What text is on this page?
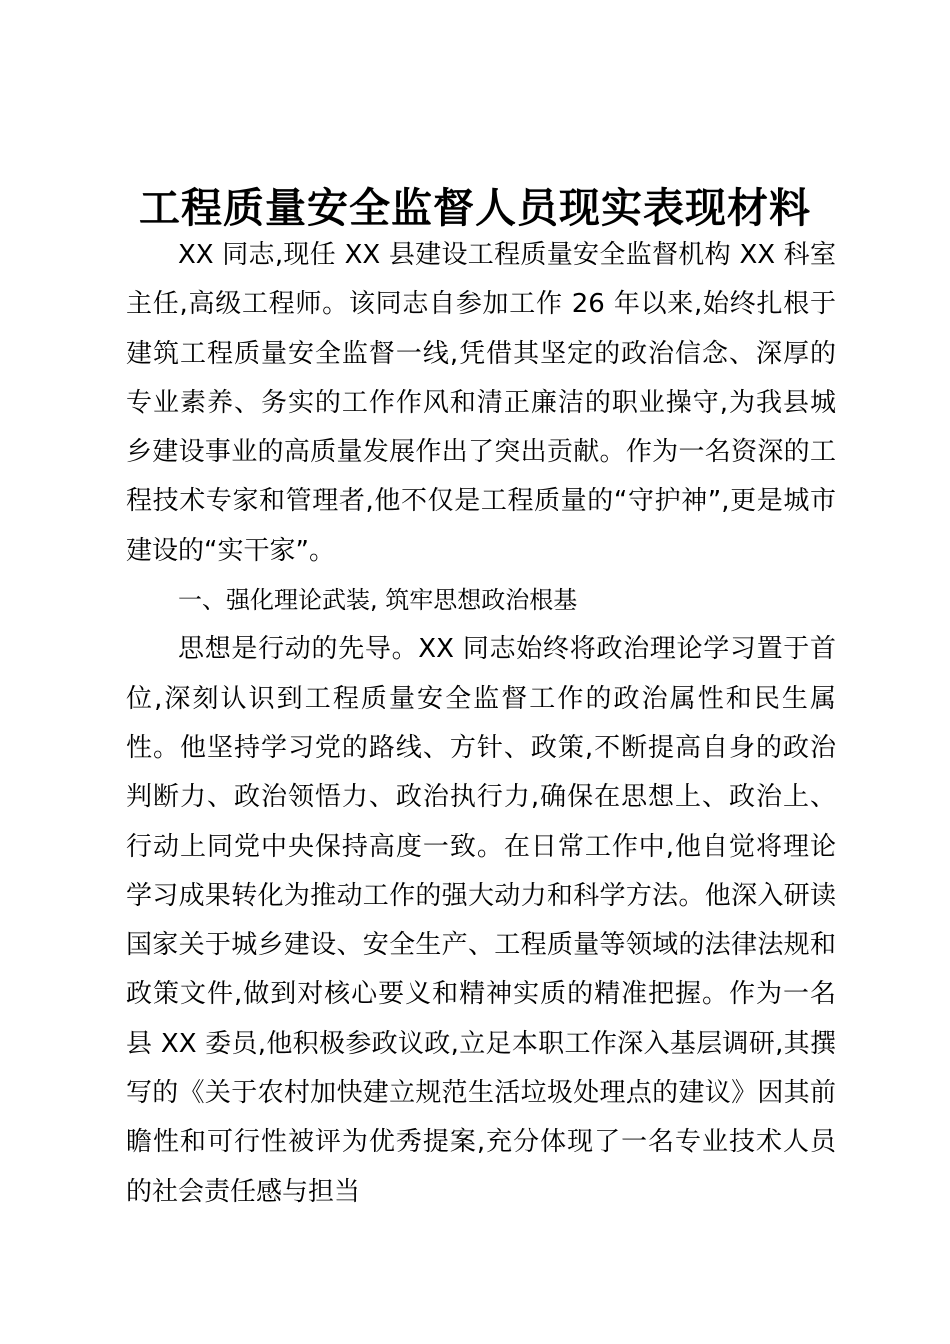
工程质量安全监督人员现实表现材料

XX 同志,现任 XX 县建设工程质量安全监督机构 XX 科室主任,高级工程师。该同志自参加工作 26 年以来,始终扎根于建筑工程质量安全监督一线,凭借其坚定的政治信念、深厚的专业素养、务实的工作作风和清正廉洁的职业操守,为我县城乡建设事业的高质量发展作出了突出贡献。作为一名资深的工程技术专家和管理者,他不仅是工程质量的“守护神”,更是城市建设的“实干家”。

一、强化理论武装, 筑牢思想政治根基

思想是行动的先导。XX 同志始终将政治理论学习置于首位,深刻认识到工程质量安全监督工作的政治属性和民生属性。他坚持学习党的路线、方针、政策,不断提高自身的政治判断力、政治领悟力、政治执行力,确保在思想上、政治上、行动上同党中央保持高度一致。在日常工作中,他自觉将理论学习成果转化为推动工作的强大动力和科学方法。他深入研读国家关于城乡建设、安全生产、工程质量等领域的法律法规和政策文件,做到对核心要义和精神实质的精准把握。作为一名县 XX 委员,他积极参政议政,立足本职工作深入基层调研,其撰写的《关于农村加快建立规范生活垃圾处理点的建议》因其前瞻性和可行性被评为优秀提案,充分体现了一名专业技术人员的社会责任感与担当
